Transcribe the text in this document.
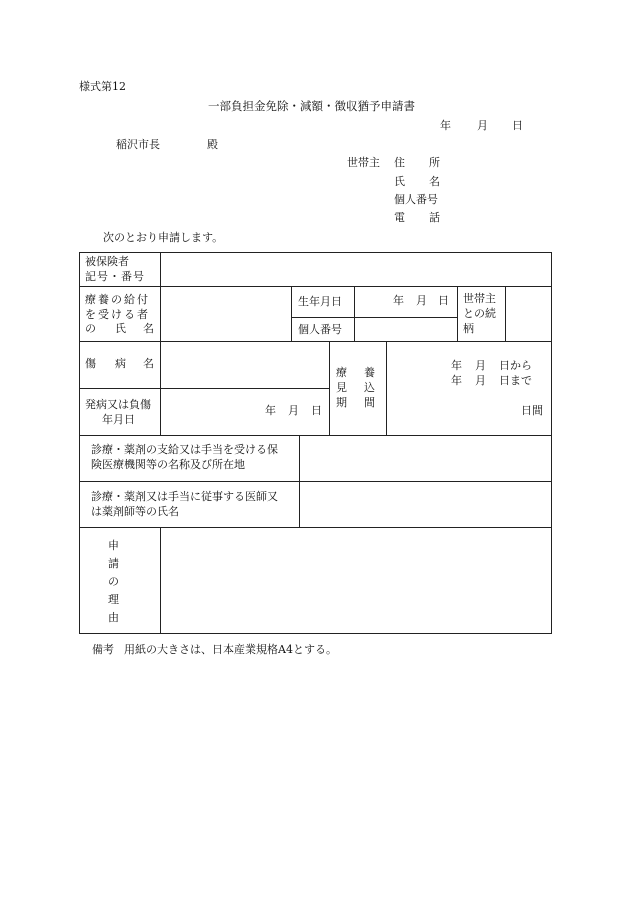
様式第12
一部負担金免除・減額・徴収猶予申請書
年 月 日
稲沢市長	殿
世帯主 住 所
氏 名
個人番号
電 話
次のとおり申請します。
被保険者
記号・番号
療養の給付
を受ける者
の 氏 名
生年月日	年 月 日
個人番号
世帯主
との続
柄
傷 病 名
発病又は負傷
年月日
年 月 日
療 養
見 込
期 間
年 月 日から
年 月 日まで
日間
診療・薬剤の支給又は手当を受ける保
険医療機関等の名称及び所在地
診療・薬剤又は手当に従事する医師又
は薬剤師等の氏名
申
請
の
理
由
備考 用紙の大きさは、日本産業規格A4とする。
